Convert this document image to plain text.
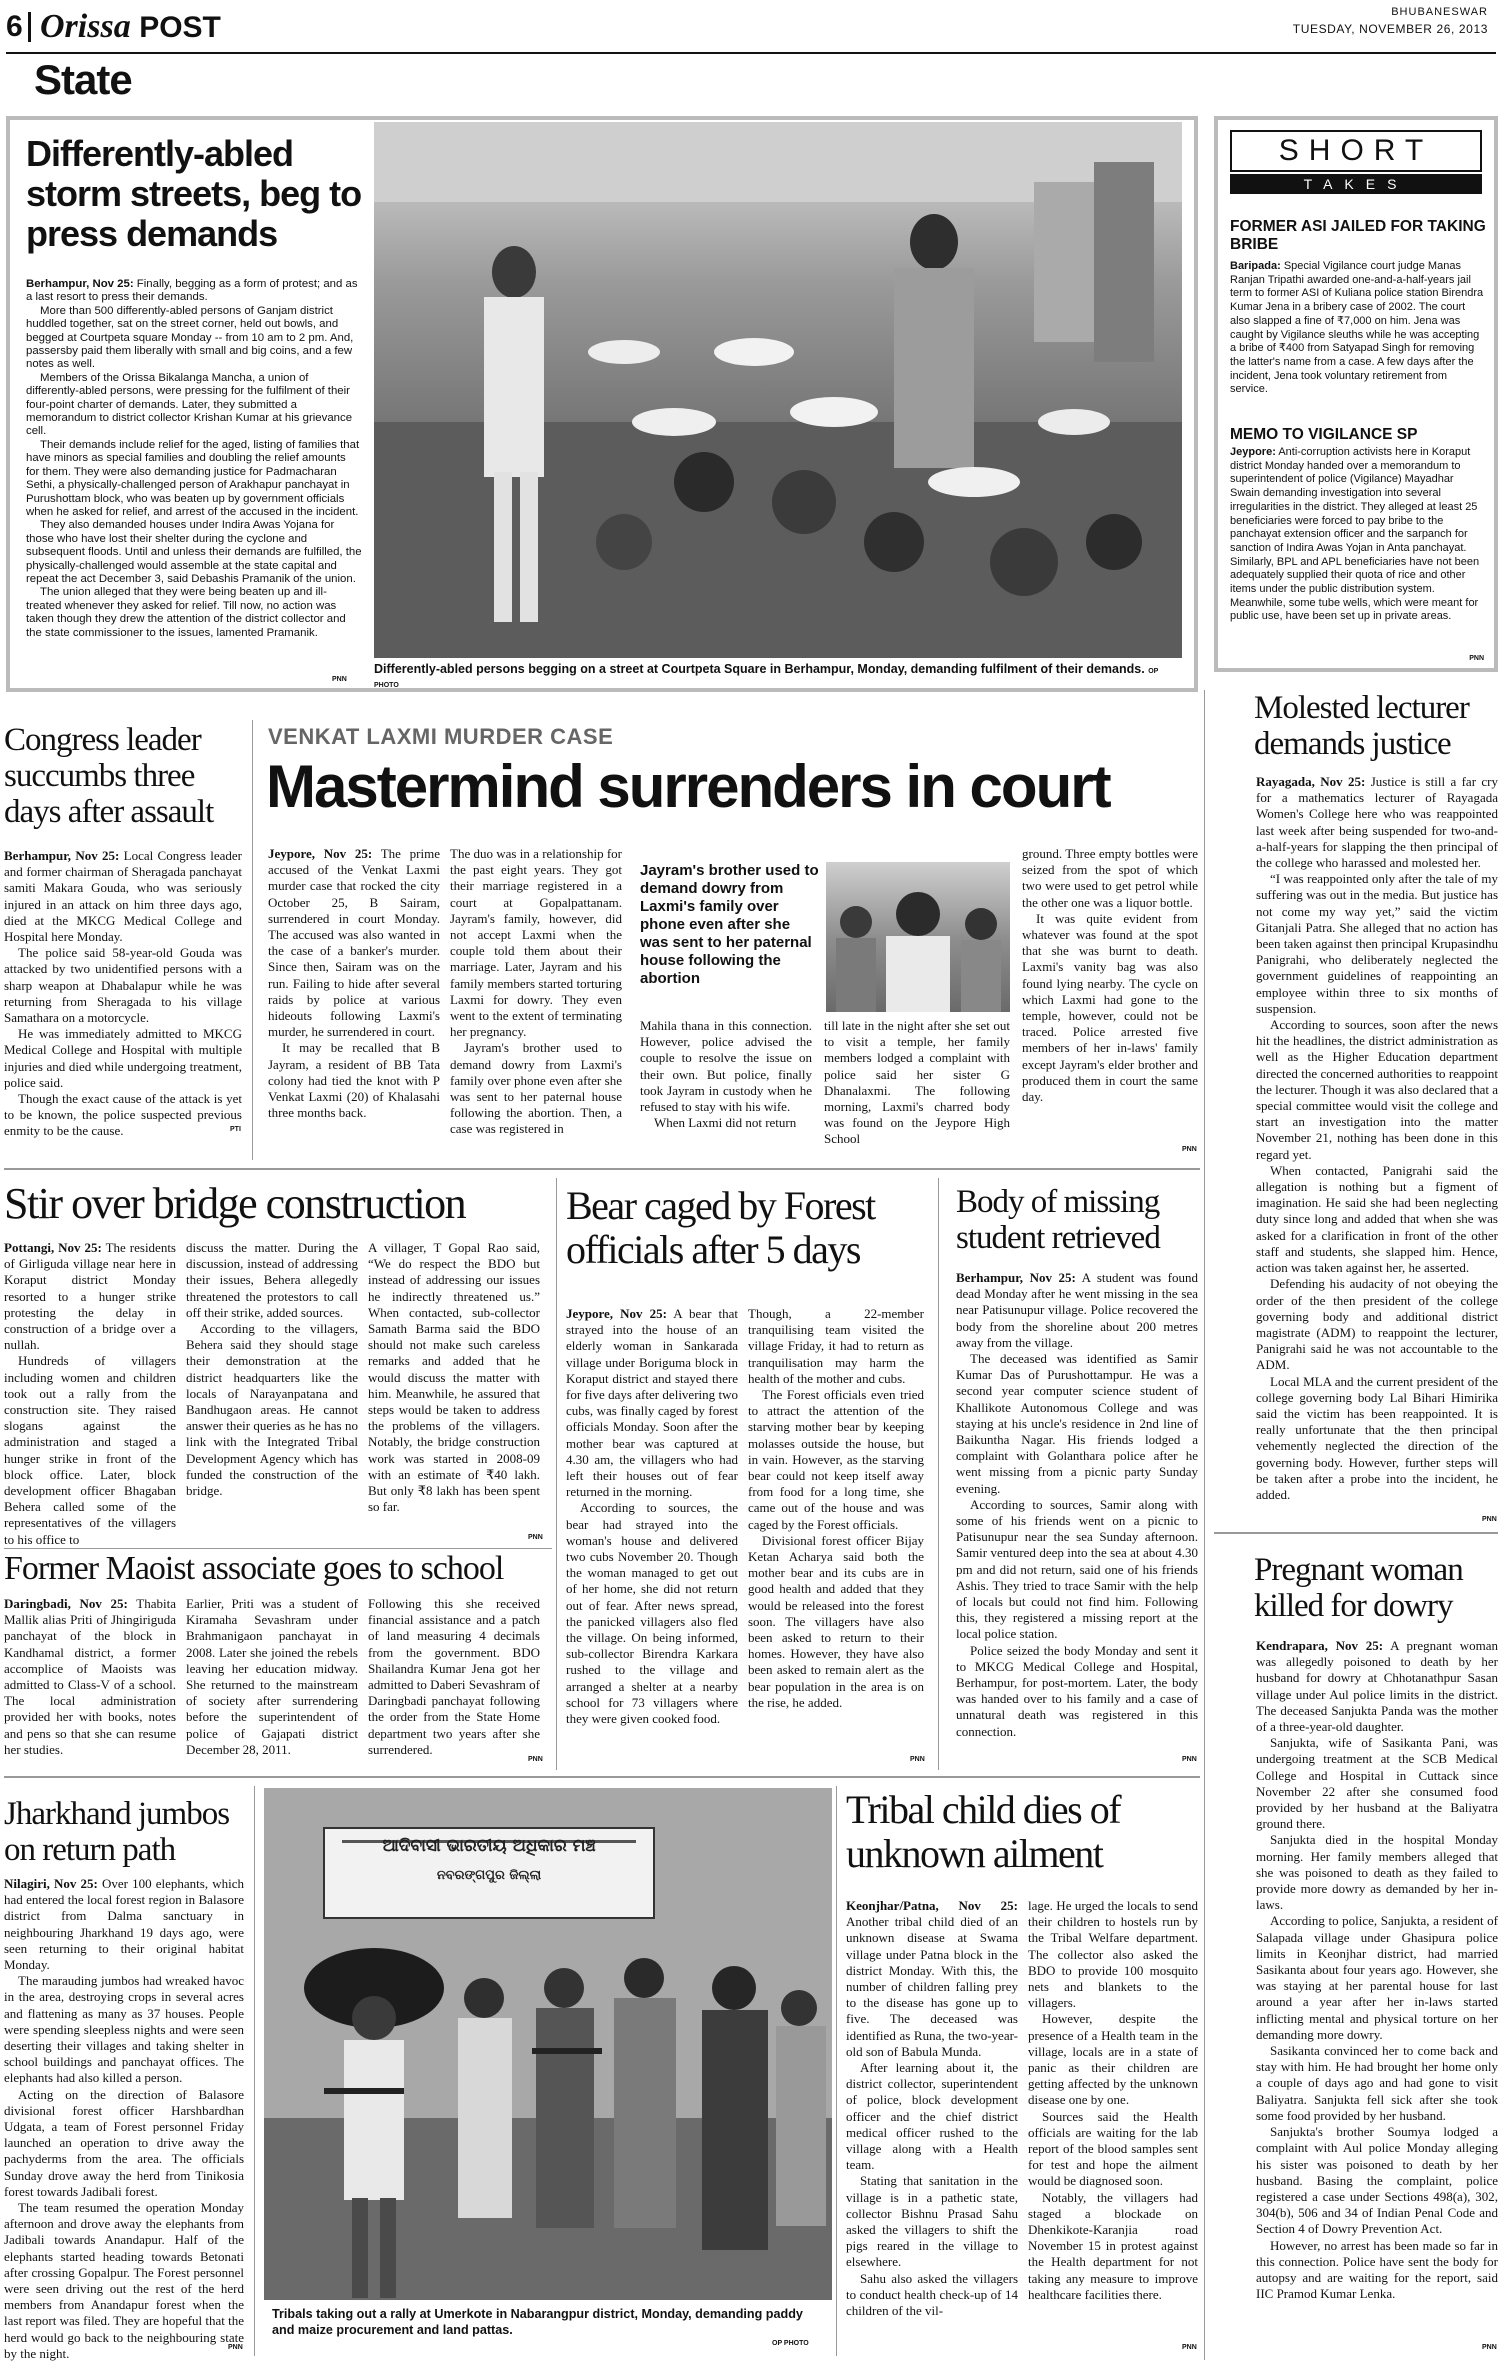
6 Orissa POST	BHUBANESWAR
TUESDAY, NOVEMBER 26, 2013
State
Differently-abled storm streets, beg to press demands

Berhampur, Nov 25: Finally, begging as a form of protest; and as a last resort to press their demands.

More than 500 differently-abled persons of Ganjam district huddled together, sat on the street corner, held out bowls, and begged at Courtpeta square Monday -- from 10 am to 2 pm. And, passersby paid them liberally with small and big coins, and a few notes as well.

Members of the Orissa Bikalanga Mancha, a union of differently-abled persons, were pressing for the fulfilment of their four-point charter of demands. Later, they submitted a memorandum to district collector Krishan Kumar at his grievance cell.

Their demands include relief for the aged, listing of families that have minors as special families and doubling the relief amounts for them. They were also demanding justice for Padmacharan Sethi, a physically-challenged person of Arakhapur panchayat in Purushottam block, who was beaten up by government officials when he asked for relief, and arrest of the accused in the incident.

They also demanded houses under Indira Awas Yojana for those who have lost their shelter during the cyclone and subsequent floods. Until and unless their demands are fulfilled, the physically-challenged would assemble at the state capital and repeat the act December 3, said Debashis Pramanik of the union.

The union alleged that they were being beaten up and ill-treated whenever they asked for relief. Till now, no action was taken though they drew the attention of the district collector and the state commissioner to the issues, lamented Pramanik.

PNN
Differently-abled persons begging on a street at Courtpeta Square in Berhampur, Monday, demanding fulfilment of their demands. OP PHOTO
SHORT
TAKES
FORMER ASI JAILED FOR TAKING BRIBE
Baripada: Special Vigilance court judge Manas Ranjan Tripathi awarded one-and-a-half-years jail term to former ASI of Kuliana police station Birendra Kumar Jena in a bribery case of 2002. The court also slapped a fine of ₹7,000 on him. Jena was caught by Vigilance sleuths while he was accepting a bribe of ₹400 from Satyapad Singh for removing the latter's name from a case. A few days after the incident, Jena took voluntary retirement from service.
MEMO TO VIGILANCE SP
Jeypore: Anti-corruption activists here in Koraput district Monday handed over a memorandum to superintendent of police (Vigilance) Mayadhar Swain demanding investigation into several irregularities in the district. They alleged at least 25 beneficiaries were forced to pay bribe to the panchayat extension officer and the sarpanch for sanction of Indira Awas Yojan in Anta panchayat. Similarly, BPL and APL beneficiaries have not been adequately supplied their quota of rice and other items under the public distribution system. Meanwhile, some tube wells, which were meant for public use, have been set up in private areas.
PNN
Congress leader succumbs three days after assault

Berhampur, Nov 25: Local Congress leader and former chairman of Sheragada panchayat samiti Makara Gouda, who was seriously injured in an attack on him three days ago, died at the MKCG Medical College and Hospital here Monday.

The police said 58-year-old Gouda was attacked by two unidentified persons with a sharp weapon at Dhabalapur while he was returning from Sheragada to his village Samathara on a motorcycle.

He was immediately admitted to MKCG Medical College and Hospital with multiple injuries and died while undergoing treatment, police said.

Though the exact cause of the attack is yet to be known, the police suspected previous enmity to be the cause.	PTI
VENKAT LAXMI MURDER CASE
Mastermind surrenders in court

Jeypore, Nov 25: The prime accused of the Venkat Laxmi murder case that rocked the city October 25, B Sairam, surrendered in court Monday. The accused was also wanted in the case of a banker's murder. Since then, Sairam was on the run. Failing to hide after several raids by police at various hideouts following Laxmi's murder, he surrendered in court.

It may be recalled that B Jayram, a resident of BB Tata colony had tied the knot with P Venkat Laxmi (20) of Khalasahi three months back.

The duo was in a relationship for the past eight years. They got their marriage registered in a court at Gopalpattanam. Jayram's family, however, did not accept Laxmi when the couple told them about their marriage. Later, Jayram and his family members started torturing Laxmi for dowry. They even went to the extent of terminating her pregnancy.

Jayram's brother used to demand dowry from Laxmi's family over phone even after she was sent to her paternal house following the abortion. Then, a case was registered in

Jayram's brother used to demand dowry from Laxmi's family over phone even after she was sent to her paternal house following the abortion

Mahila thana in this connection. However, police advised the couple to resolve the issue on their own. But police, finally took Jayram in custody when he refused to stay with his wife.

When Laxmi did not return

till late in the night after she set out to visit a temple, her family members lodged a complaint with police said her sister G Dhanalaxmi. The following morning, Laxmi's charred body was found on the Jeypore High School

ground. Three empty bottles were seized from the spot of which two were used to get petrol while the other one was a liquor bottle.

It was quite evident from whatever was found at the spot that she was burnt to death. Laxmi's vanity bag was also found lying nearby. The cycle on which Laxmi had gone to the temple, however, could not be traced. Police arrested five members of her in-laws' family except Jayram's elder brother and produced them in court the same day.

PNN
Molested lecturer demands justice

Rayagada, Nov 25: Justice is still a far cry for a mathematics lecturer of Rayagada Women's College here who was reappointed last week after being suspended for two-and-a-half-years for slapping the then principal of the college who harassed and molested her.

“I was reappointed only after the tale of my suffering was out in the media. But justice has not come my way yet,” said the victim Gitanjali Patra. She alleged that no action has been taken against then principal Krupasindhu Panigrahi, who deliberately neglected the government guidelines of reappointing an employee within three to six months of suspension.

According to sources, soon after the news hit the headlines, the district administration as well as the Higher Education department directed the concerned authorities to reappoint the lecturer. Though it was also declared that a special committee would visit the college and start an investigation into the matter November 21, nothing has been done in this regard yet.

When contacted, Panigrahi said the allegation is nothing but a figment of imagination. He said she had been neglecting duty since long and added that when she was asked for a clarification in front of the other staff and students, she slapped him. Hence, action was taken against her, he asserted.

Defending his audacity of not obeying the order of the then president of the college governing body and additional district magistrate (ADM) to reappoint the lecturer, Panigrahi said he was not accountable to the ADM.

Local MLA and the current president of the college governing body Lal Bihari Himirika said the victim has been reappointed. It is really unfortunate that the then principal vehemently neglected the direction of the governing body. However, further steps will be taken after a probe into the incident, he added.

PNN
Stir over bridge construction

Pottangi, Nov 25: The residents of Girliguda village near here in Koraput district Monday resorted to a hunger strike protesting the delay in construction of a bridge over a nullah.

Hundreds of villagers including women and children took out a rally from the construction site. They raised slogans against the administration and staged a hunger strike in front of the block office. Later, block development officer Bhagaban Behera called some of the representatives of the villagers to his office to

discuss the matter. During the discussion, instead of addressing their issues, Behera allegedly threatened the protestors to call off their strike, added sources.

According to the villagers, Behera said they should stage their demonstration at the district headquarters like the locals of Narayanpatana and Bandhugaon areas. He cannot answer their queries as he has no link with the Integrated Tribal Development Agency which has funded the construction of the bridge.

A villager, T Gopal Rao said, “We do respect the BDO but instead of addressing our issues he indirectly threatened us.” When contacted, sub-collector Samath Barma said the BDO should not make such careless remarks and added that he would discuss the matter with him. Meanwhile, he assured that steps would be taken to address the problems of the villagers. Notably, the bridge construction work was started in 2008-09 with an estimate of ₹40 lakh. But only ₹8 lakh has been spent so far.

PNN
Former Maoist associate goes to school

Daringbadi, Nov 25: Thabita Mallik alias Priti of Jhingiriguda panchayat of the block in Kandhamal district, a former accomplice of Maoists was admitted to Class-V of a school. The local administration provided her with books, notes and pens so that she can resume her studies.

Earlier, Priti was a student of Kiramaha Sevashram under Brahmanigaon panchayat in 2008. Later she joined the rebels leaving her education midway. She returned to the mainstream of society after surrendering before the superintendent of police of Gajapati district December 28, 2011.

Following this she received financial assistance and a patch of land measuring 4 decimals from the government. BDO Shailandra Kumar Jena got her admitted to Daberi Sevashram of Daringbadi panchayat following the order from the State Home department two years after she surrendered.

PNN
Bear caged by Forest officials after 5 days

Jeypore, Nov 25: A bear that strayed into the house of an elderly woman in Sankarada village under Boriguma block in Koraput district and stayed there for five days after delivering two cubs, was finally caged by forest officials Monday. Soon after the mother bear was captured at 4.30 am, the villagers who had left their houses out of fear returned in the morning.

According to sources, the bear had strayed into the woman's house and delivered two cubs November 20. Though the woman managed to get out of her home, she did not return out of fear. After news spread, the panicked villagers also fled the village. On being informed, sub-collector Birendra Karkara rushed to the village and arranged a shelter at a nearby school for 73 villagers where they were given cooked food.

Though, a 22-member tranquilising team visited the village Friday, it had to return as tranquilisation may harm the health of the mother and cubs.

The Forest officials even tried to attract the attention of the starving mother bear by keeping molasses outside the house, but in vain. However, as the starving bear could not keep itself away from food for a long time, she came out of the house and was caged by the Forest officials.

Divisional forest officer Bijay Ketan Acharya said both the mother bear and its cubs are in good health and added that they would be released into the forest soon. The villagers have also been asked to return to their homes. However, they have also been asked to remain alert as the bear population in the area is on the rise, he added.

PNN
Body of missing student retrieved

Berhampur, Nov 25: A student was found dead Monday after he went missing in the sea near Patisunupur village. Police recovered the body from the shoreline about 200 metres away from the village.

The deceased was identified as Samir Kumar Das of Purushottampur. He was a second year computer science student of Khallikote Autonomous College and was staying at his uncle's residence in 2nd line of Baikuntha Nagar. His friends lodged a complaint with Golanthara police after he went missing from a picnic party Sunday evening.

According to sources, Samir along with some of his friends went on a picnic to Patisunupur near the sea Sunday afternoon. Samir ventured deep into the sea at about 4.30 pm and did not return, said one of his friends Ashis. They tried to trace Samir with the help of locals but could not find him. Following this, they registered a missing report at the local police station.

Police seized the body Monday and sent it to MKCG Medical College and Hospital, Berhampur, for post-mortem. Later, the body was handed over to his family and a case of unnatural death was registered in this connection.

PNN
Pregnant woman killed for dowry

Kendrapara, Nov 25: A pregnant woman was allegedly poisoned to death by her husband for dowry at Chhotanathpur Sasan village under Aul police limits in the district. The deceased Sanjukta Panda was the mother of a three-year-old daughter.

Sanjukta, wife of Sasikanta Pani, was undergoing treatment at the SCB Medical College and Hospital in Cuttack since November 22 after she consumed food provided by her husband at the Baliyatra ground there.

Sanjukta died in the hospital Monday morning. Her family members alleged that she was poisoned to death as they failed to provide more dowry as demanded by her in-laws.

According to police, Sanjukta, a resident of Salapada village under Ghasipura police limits in Keonjhar district, had married Sasikanta about four years ago. However, she was staying at her parental house for last around a year after her in-laws started inflicting mental and physical torture on her demanding more dowry.

Sasikanta convinced her to come back and stay with him. He had brought her home only a couple of days ago and had gone to visit Baliyatra. Sanjukta fell sick after she took some food provided by her husband.

Sanjukta's brother Soumya lodged a complaint with Aul police Monday alleging his sister was poisoned to death by her husband. Basing the complaint, police registered a case under Sections 498(a), 302, 304(b), 506 and 34 of Indian Penal Code and Section 4 of Dowry Prevention Act.

However, no arrest has been made so far in this connection. Police have sent the body for autopsy and are waiting for the report, said IIC Pramod Kumar Lenka.

PNN
Jharkhand jumbos on return path

Nilagiri, Nov 25: Over 100 elephants, which had entered the local forest region in Balasore district from Dalma sanctuary in neighbouring Jharkhand 19 days ago, were seen returning to their original habitat Monday.

The marauding jumbos had wreaked havoc in the area, destroying crops in several acres and flattening as many as 37 houses. People were spending sleepless nights and were seen deserting their villages and taking shelter in school buildings and panchayat offices. The elephants had also killed a person.

Acting on the direction of Balasore divisional forest officer Harshbardhan Udgata, a team of Forest personnel Friday launched an operation to drive away the pachyderms from the area. The officials Sunday drove away the herd from Tinikosia forest towards Jadibali forest.

The team resumed the operation Monday afternoon and drove away the elephants from Jadibali towards Anandapur. Half of the elephants started heading towards Betonati after crossing Gopalpur. The Forest personnel were seen driving out the rest of the herd members from Anandapur forest when the last report was filed. They are hopeful that the herd would go back to the neighbouring state by the night.	PNN
ଆଦିବାସୀ ଭାରତୀୟ ଅଧିକାର ମଞ୍ଚ
ନବରଙ୍ଗପୁର ଜିଲ୍ଲା
Tribals taking out a rally at Umerkote in Nabarangpur district, Monday, demanding paddy and maize procurement and land pattas.
OP PHOTO
Tribal child dies of unknown ailment

Keonjhar/Patna, Nov 25: Another tribal child died of an unknown disease at Swama village under Patna block in the district Monday. With this, the number of children falling prey to the disease has gone up to five. The deceased was identified as Runa, the two-year-old son of Babula Munda.

After learning about it, the district collector, superintendent of police, block development officer and the chief district medical officer rushed to the village along with a Health team.

Stating that sanitation in the village is in a pathetic state, collector Bishnu Prasad Sahu asked the villagers to shift the pigs reared in the village to elsewhere.

Sahu also asked the villagers to conduct health check-up of 14 children of the vil-

lage. He urged the locals to send their children to hostels run by the Tribal Welfare department. The collector also asked the BDO to provide 100 mosquito nets and blankets to the villagers.

However, despite the presence of a Health team in the village, locals are in a state of panic as their children are getting affected by the unknown disease one by one.

Sources said the Health officials are waiting for the lab report of the blood samples sent for test and hope the ailment would be diagnosed soon.

Notably, the villagers had staged a blockade on Dhenkikote-Karanjia road November 15 in protest against the Health department for not taking any measure to improve healthcare facilities there.

PNN
